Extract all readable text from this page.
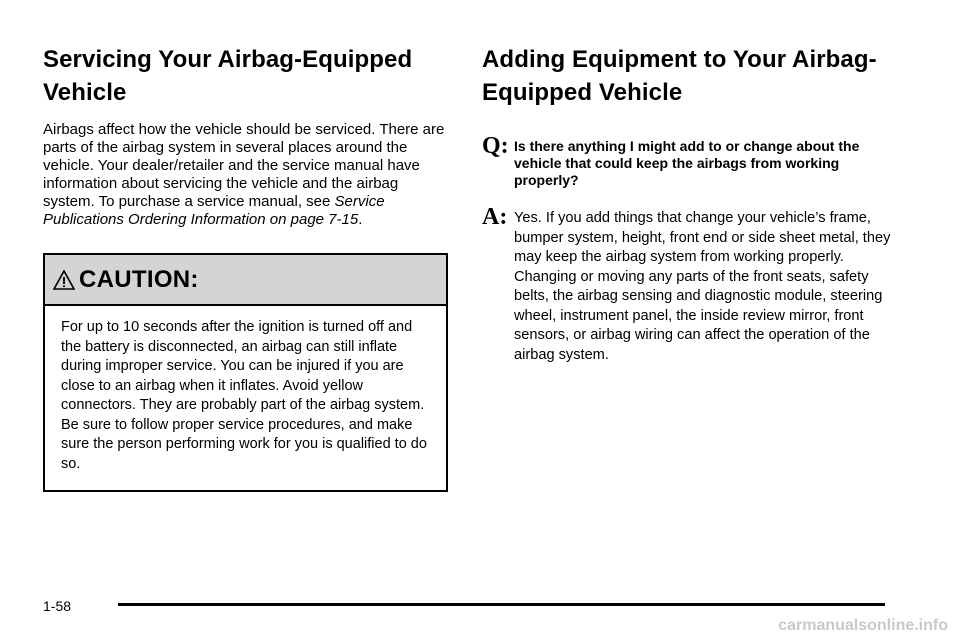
Servicing Your Airbag-Equipped Vehicle

Airbags affect how the vehicle should be serviced. There are parts of the airbag system in several places around the vehicle. Your dealer/retailer and the service manual have information about servicing the vehicle and the airbag system. To purchase a service manual, see Service Publications Ordering Information on page 7-15.

CAUTION:
For up to 10 seconds after the ignition is turned off and the battery is disconnected, an airbag can still inflate during improper service. You can be injured if you are close to an airbag when it inflates. Avoid yellow connectors. They are probably part of the airbag system. Be sure to follow proper service procedures, and make sure the person performing work for you is qualified to do so.
Adding Equipment to Your Airbag-Equipped Vehicle
Q: Is there anything I might add to or change about the vehicle that could keep the airbags from working properly?
A: Yes. If you add things that change your vehicle’s frame, bumper system, height, front end or side sheet metal, they may keep the airbag system from working properly. Changing or moving any parts of the front seats, safety belts, the airbag sensing and diagnostic module, steering wheel, instrument panel, the inside review mirror, front sensors, or airbag wiring can affect the operation of the airbag system.
1-58
carmanualsonline.info
